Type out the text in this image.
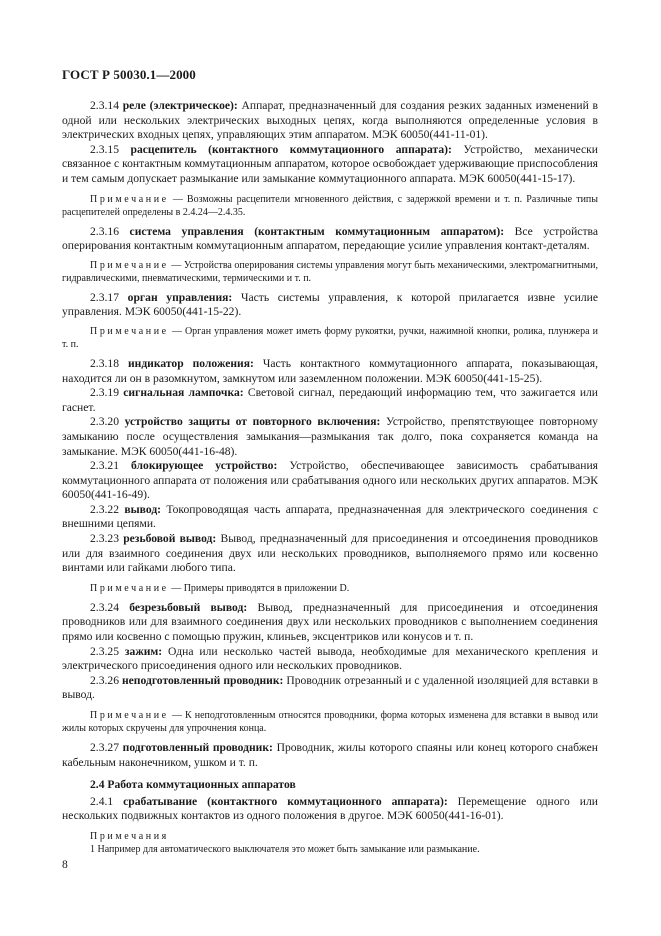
ГОСТ Р 50030.1—2000

2.3.14 реле (электрическое): Аппарат, предназначенный для создания резких заданных изменений в одной или нескольких электрических выходных цепях, когда выполняются определенные условия в электрических входных цепях, управляющих этим аппаратом. МЭК 60050(441-11-01).

2.3.15 расцепитель (контактного коммутационного аппарата): Устройство, механически связанное с контактным коммутационным аппаратом, которое освобождает удерживающие приспособления и тем самым допускает размыкание или замыкание коммутационного аппарата. МЭК 60050(441-15-17).

Примечание — Возможны расцепители мгновенного действия, с задержкой времени и т. п. Различные типы расцепителей определены в 2.4.24—2.4.35.

2.3.16 система управления (контактным коммутационным аппаратом): Все устройства оперирования контактным коммутационным аппаратом, передающие усилие управления контакт-деталям.

Примечание — Устройства оперирования системы управления могут быть механическими, электромагнитными, гидравлическими, пневматическими, термическими и т. п.

2.3.17 орган управления: Часть системы управления, к которой прилагается извне усилие управления. МЭК 60050(441-15-22).

Примечание — Орган управления может иметь форму рукоятки, ручки, нажимной кнопки, ролика, плунжера и т. п.

2.3.18 индикатор положения: Часть контактного коммутационного аппарата, показывающая, находится ли он в разомкнутом, замкнутом или заземленном положении. МЭК 60050(441-15-25).

2.3.19 сигнальная лампочка: Световой сигнал, передающий информацию тем, что зажигается или гаснет.

2.3.20 устройство защиты от повторного включения: Устройство, препятствующее повторному замыканию после осуществления замыкания—размыкания так долго, пока сохраняется команда на замыкание. МЭК 60050(441-16-48).

2.3.21 блокирующее устройство: Устройство, обеспечивающее зависимость срабатывания коммутационного аппарата от положения или срабатывания одного или нескольких других аппаратов. МЭК 60050(441-16-49).

2.3.22 вывод: Токопроводящая часть аппарата, предназначенная для электрического соединения с внешними цепями.

2.3.23 резьбовой вывод: Вывод, предназначенный для присоединения и отсоединения проводников или для взаимного соединения двух или нескольких проводников, выполняемого прямо или косвенно винтами или гайками любого типа.

Примечание — Примеры приводятся в приложении D.

2.3.24 безрезьбовый вывод: Вывод, предназначенный для присоединения и отсоединения проводников или для взаимного соединения двух или нескольких проводников с выполнением соединения прямо или косвенно с помощью пружин, клиньев, эксцентриков или конусов и т. п.

2.3.25 зажим: Одна или несколько частей вывода, необходимые для механического крепления и электрического присоединения одного или нескольких проводников.

2.3.26 неподготовленный проводник: Проводник отрезанный и с удаленной изоляцией для вставки в вывод.

Примечание — К неподготовленным относятся проводники, форма которых изменена для вставки в вывод или жилы которых скручены для упрочнения конца.

2.3.27 подготовленный проводник: Проводник, жилы которого спаяны или конец которого снабжен кабельным наконечником, ушком и т. п.

2.4 Работа коммутационных аппаратов

2.4.1 срабатывание (контактного коммутационного аппарата): Перемещение одного или нескольких подвижных контактов из одного положения в другое. МЭК 60050(441-16-01).

Примечания

1 Например для автоматического выключателя это может быть замыкание или размыкание.

8
